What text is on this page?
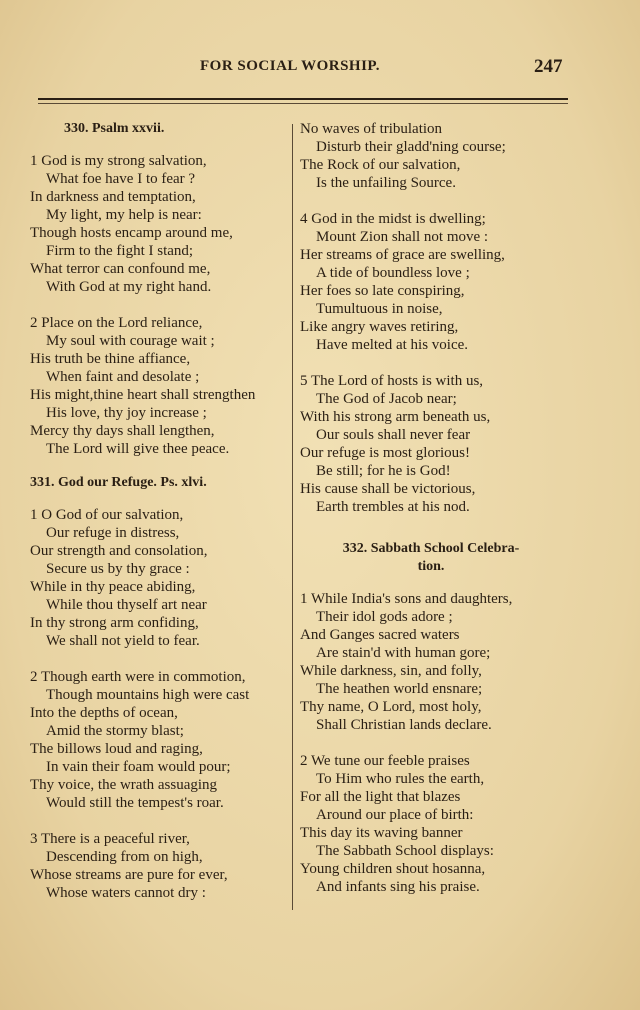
FOR SOCIAL WORSHIP.	247
330. Psalm xxvii.
1 God is my strong salvation,
What foe have I to fear ?
In darkness and temptation,
My light, my help is near:
Though hosts encamp around me,
Firm to the fight I stand;
What terror can confound me,
With God at my right hand.
2 Place on the Lord reliance,
My soul with courage wait ;
His truth be thine affiance,
When faint and desolate ;
His might,thine heart shall strengthen
His love, thy joy increase ;
Mercy thy days shall lengthen,
The Lord will give thee peace.
331. God our Refuge. Ps. xlvi.
1 O God of our salvation,
Our refuge in distress,
Our strength and consolation,
Secure us by thy grace :
While in thy peace abiding,
While thou thyself art near
In thy strong arm confiding,
We shall not yield to fear.
2 Though earth were in commotion,
Though mountains high were cast
Into the depths of ocean,
Amid the stormy blast;
The billows loud and raging,
In vain their foam would pour;
Thy voice, the wrath assuaging
Would still the tempest's roar.
3 There is a peaceful river,
Descending from on high,
Whose streams are pure for ever,
Whose waters cannot dry :
No waves of tribulation
Disturb their gladd'ning course;
The Rock of our salvation,
Is the unfailing Source.
4 God in the midst is dwelling;
Mount Zion shall not move :
Her streams of grace are swelling,
A tide of boundless love ;
Her foes so late conspiring,
Tumultuous in noise,
Like angry waves retiring,
Have melted at his voice.
5 The Lord of hosts is with us,
The God of Jacob near;
With his strong arm beneath us,
Our souls shall never fear
Our refuge is most glorious!
Be still; for he is God!
His cause shall be victorious,
Earth trembles at his nod.
332. Sabbath School Celebra-
tion.
1 While India's sons and daughters,
Their idol gods adore ;
And Ganges sacred waters
Are stain'd with human gore;
While darkness, sin, and folly,
The heathen world ensnare;
Thy name, O Lord, most holy,
Shall Christian lands declare.
2 We tune our feeble praises
To Him who rules the earth,
For all the light that blazes
Around our place of birth:
This day its waving banner
The Sabbath School displays:
Young children shout hosanna,
And infants sing his praise.
